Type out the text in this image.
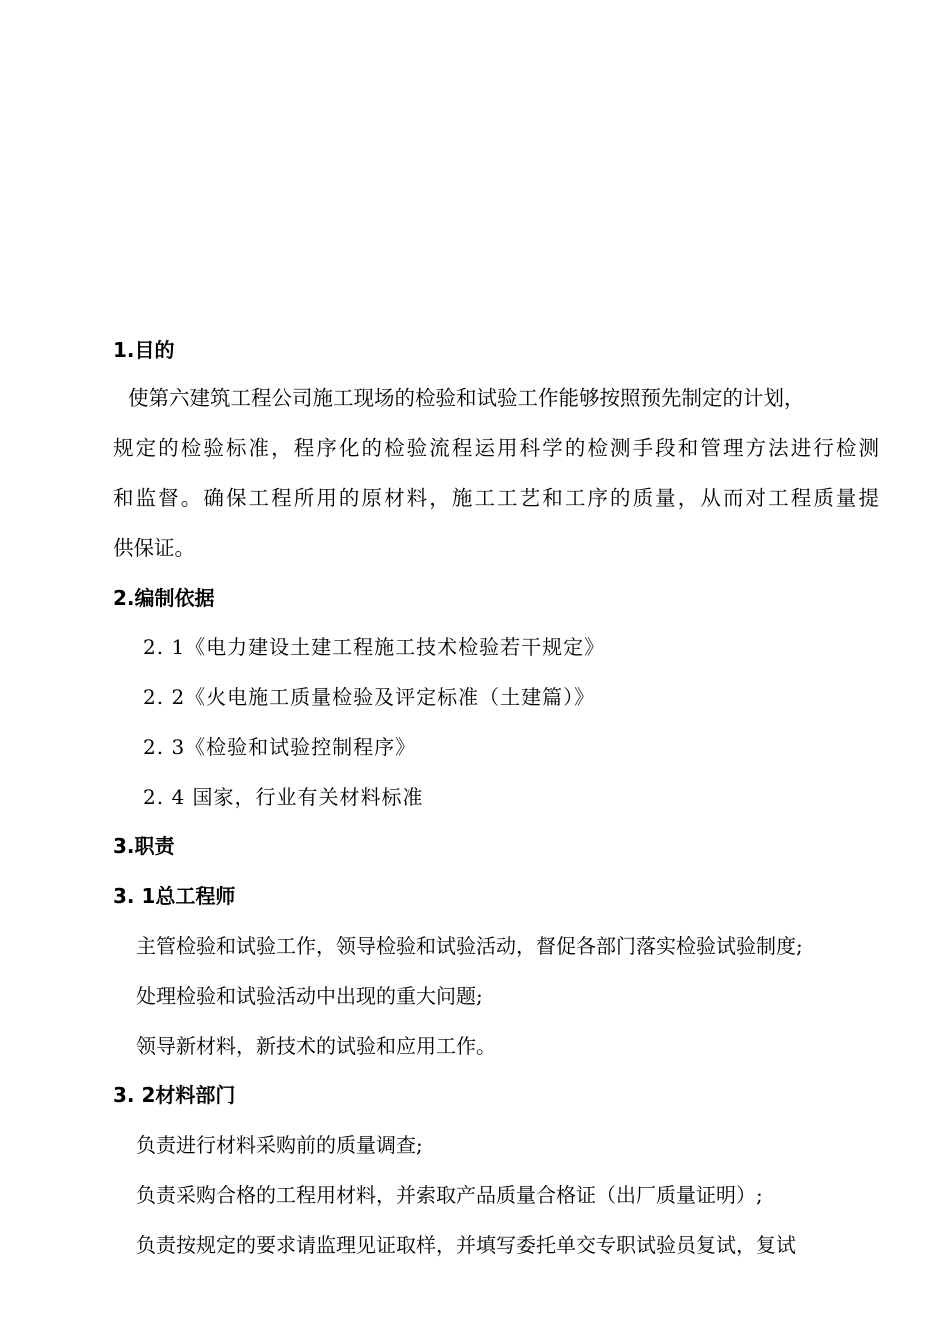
1.目的
使第六建筑工程公司施工现场的检验和试验工作能够按照预先制定的计划，
规定的检验标准，程序化的检验流程运用科学的检测手段和管理方法进行检测
和监督。确保工程所用的原材料，施工工艺和工序的质量，从而对工程质量提
供保证。
2.编制依据
2. 1《电力建设土建工程施工技术检验若干规定》
2. 2《火电施工质量检验及评定标准（土建篇）》
2. 3《检验和试验控制程序》
2. 4 国家，行业有关材料标准
3.职责
3. 1总工程师
主管检验和试验工作，领导检验和试验活动，督促各部门落实检验试验制度;
处理检验和试验活动中出现的重大问题;
领导新材料，新技术的试验和应用工作。
3. 2材料部门
负责进行材料采购前的质量调查;
负责采购合格的工程用材料，并索取产品质量合格证（出厂质量证明）;
负责按规定的要求请监理见证取样，并填写委托单交专职试验员复试，复试
